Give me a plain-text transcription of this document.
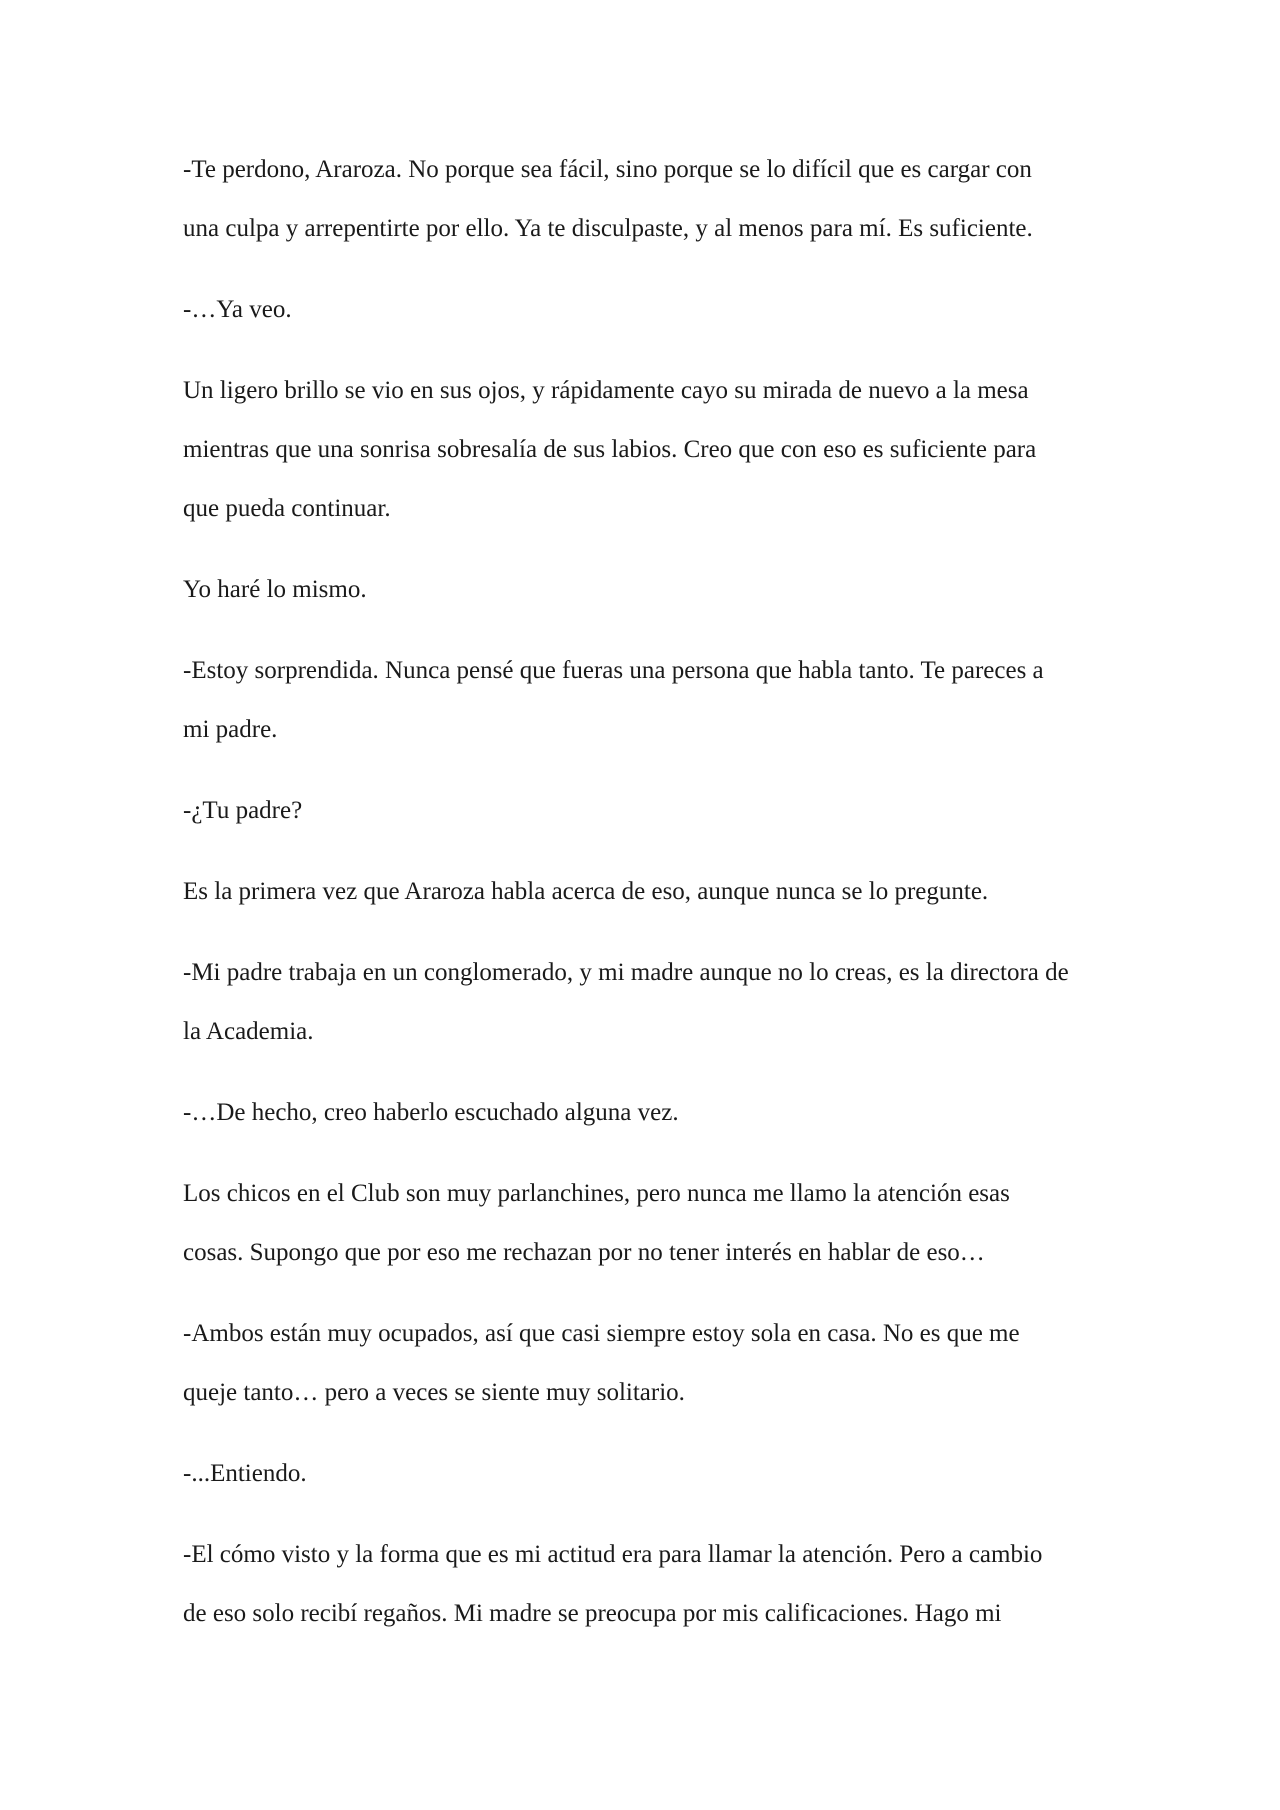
-Te perdono, Araroza. No porque sea fácil, sino porque se lo difícil que es cargar con
una culpa y arrepentirte por ello. Ya te disculpaste, y al menos para mí. Es suficiente.

-…Ya veo.

Un ligero brillo se vio en sus ojos, y rápidamente cayo su mirada de nuevo a la mesa
mientras que una sonrisa sobresalía de sus labios. Creo que con eso es suficiente para
que pueda continuar.

Yo haré lo mismo.

-Estoy sorprendida. Nunca pensé que fueras una persona que habla tanto. Te pareces a
mi padre.

-¿Tu padre?

Es la primera vez que Araroza habla acerca de eso, aunque nunca se lo pregunte.

-Mi padre trabaja en un conglomerado, y mi madre aunque no lo creas, es la directora de
la Academia.

-…De hecho, creo haberlo escuchado alguna vez.

Los chicos en el Club son muy parlanchines, pero nunca me llamo la atención esas
cosas. Supongo que por eso me rechazan por no tener interés en hablar de eso…

-Ambos están muy ocupados, así que casi siempre estoy sola en casa. No es que me
queje tanto… pero a veces se siente muy solitario.

-...Entiendo.

-El cómo visto y la forma que es mi actitud era para llamar la atención. Pero a cambio
de eso solo recibí regaños. Mi madre se preocupa por mis calificaciones. Hago mi
